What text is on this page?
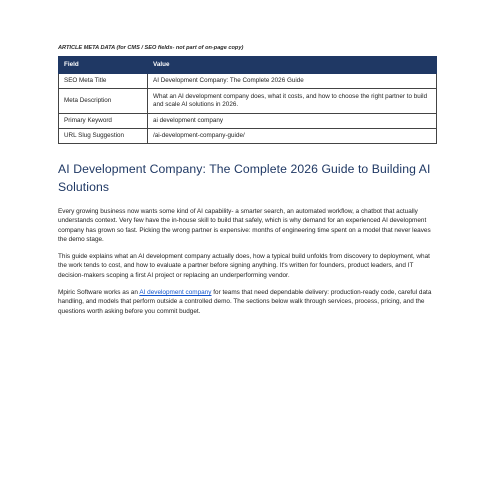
ARTICLE META DATA (for CMS / SEO fields- not part of on-page copy)
Field	Value
SEO Meta Title	AI Development Company: The Complete 2026 Guide
Meta Description	What an AI development company does, what it costs, and how to choose the right partner to build and scale AI solutions in 2026.
Primary Keyword	ai development company
URL Slug Suggestion	/ai-development-company-guide/
AI Development Company: The Complete 2026 Guide to Building AI Solutions

Every growing business now wants some kind of AI capability- a smarter search, an automated workflow, a chatbot that actually understands context. Very few have the in-house skill to build that safely, which is why demand for an experienced AI development company has grown so fast. Picking the wrong partner is expensive: months of engineering time spent on a model that never leaves the demo stage.

This guide explains what an AI development company actually does, how a typical build unfolds from discovery to deployment, what the work tends to cost, and how to evaluate a partner before signing anything. It's written for founders, product leaders, and IT decision-makers scoping a first AI project or replacing an underperforming vendor.

Mpiric Software works as an AI development company for teams that need dependable delivery: production-ready code, careful data handling, and models that perform outside a controlled demo. The sections below walk through services, process, pricing, and the questions worth asking before you commit budget.
